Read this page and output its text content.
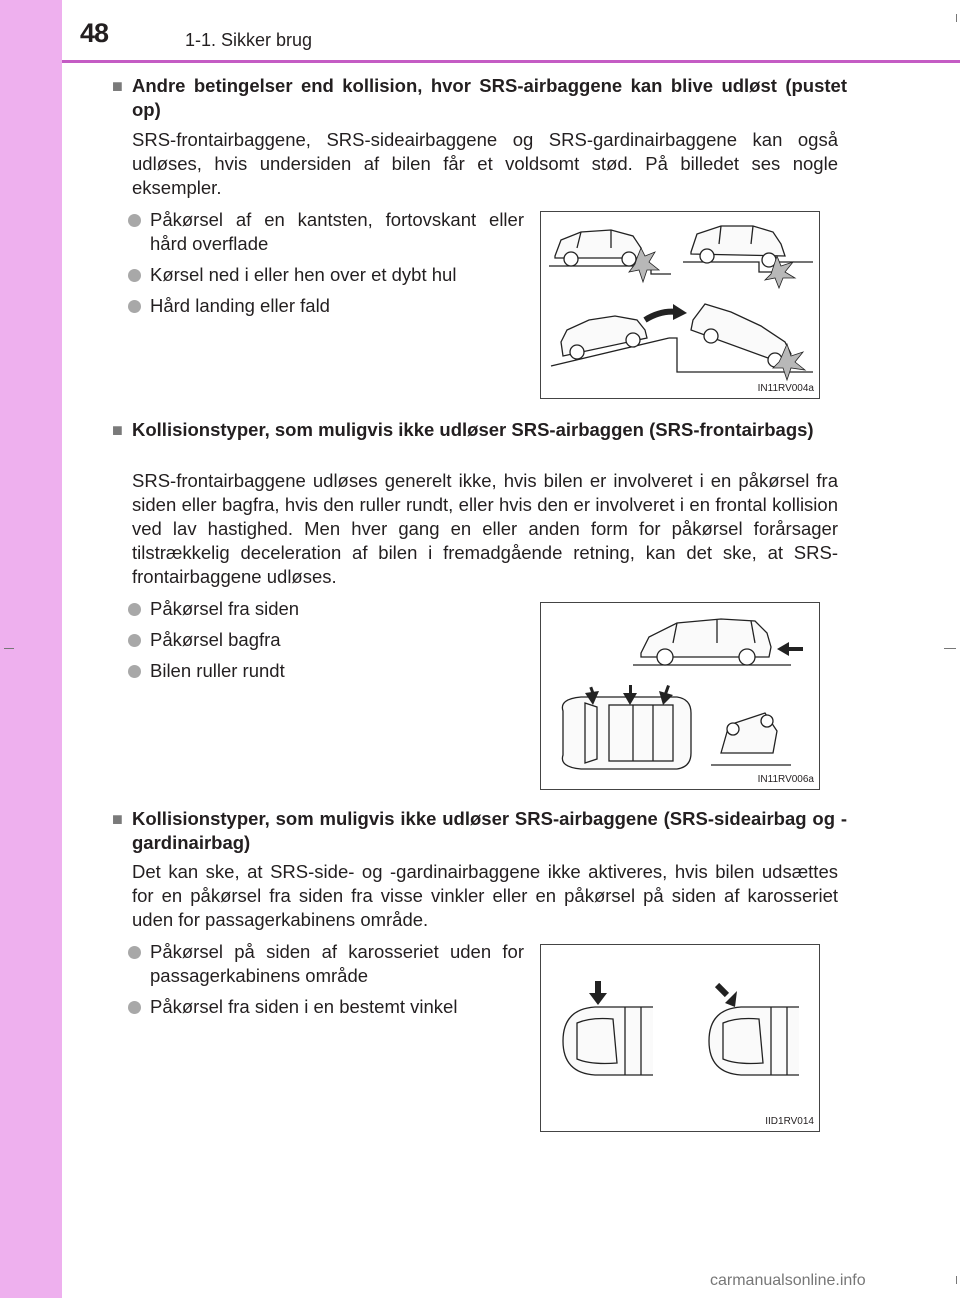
48	1-1. Sikker brug
■ Andre betingelser end kollision, hvor SRS-airbaggene kan blive udløst (pustet op)
SRS-frontairbaggene, SRS-sideairbaggene og SRS-gardinairbaggene kan også udløses, hvis undersiden af bilen får et voldsomt stød. På billedet ses nogle eksempler.
Påkørsel af en kantsten, fortovskant eller hård overflade
Kørsel ned i eller hen over et dybt hul
Hård landing eller fald
IN11RV004a
■ Kollisionstyper, som muligvis ikke udløser SRS-airbaggen (SRS-frontairbags)
SRS-frontairbaggene udløses generelt ikke, hvis bilen er involveret i en påkørsel fra siden eller bagfra, hvis den ruller rundt, eller hvis den er involveret i en frontal kollision ved lav hastighed. Men hver gang en eller anden form for påkørsel forårsager tilstrækkelig deceleration af bilen i fremadgående retning, kan det ske, at SRS-frontairbaggene udløses.
Påkørsel fra siden
Påkørsel bagfra
Bilen ruller rundt
IN11RV006a
■ Kollisionstyper, som muligvis ikke udløser SRS-airbaggene (SRS-sideairbag og -gardinairbag)
Det kan ske, at SRS-side- og -gardinairbaggene ikke aktiveres, hvis bilen udsættes for en påkørsel fra siden fra visse vinkler eller en påkørsel på siden af karosseriet uden for passagerkabinens område.
Påkørsel på siden af karosseriet uden for passagerkabinens område
Påkørsel fra siden i en bestemt vinkel
IID1RV014
carmanualsonline.info
